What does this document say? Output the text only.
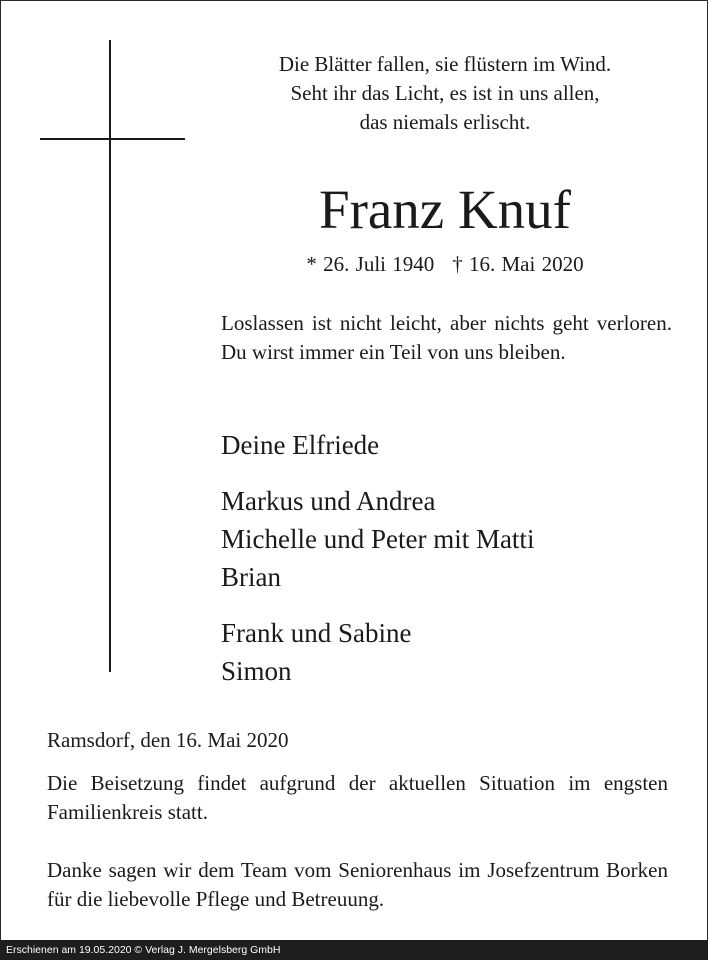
Die Blätter fallen, sie flüstern im Wind.
Seht ihr das Licht, es ist in uns allen,
das niemals erlischt.
Franz Knuf
* 26. Juli 1940 † 16. Mai 2020
Loslassen ist nicht leicht, aber nichts geht verloren. Du wirst immer ein Teil von uns bleiben.
Deine Elfriede
Markus und Andrea
Michelle und Peter mit Matti
Brian
Frank und Sabine
Simon
Ramsdorf, den 16. Mai 2020
Die Beisetzung findet aufgrund der aktuellen Situation im engsten Familienkreis statt.
Danke sagen wir dem Team vom Seniorenhaus im Josefzentrum Borken für die liebevolle Pflege und Betreuung.
Erschienen am 19.05.2020 © Verlag J. Mergelsberg GmbH
